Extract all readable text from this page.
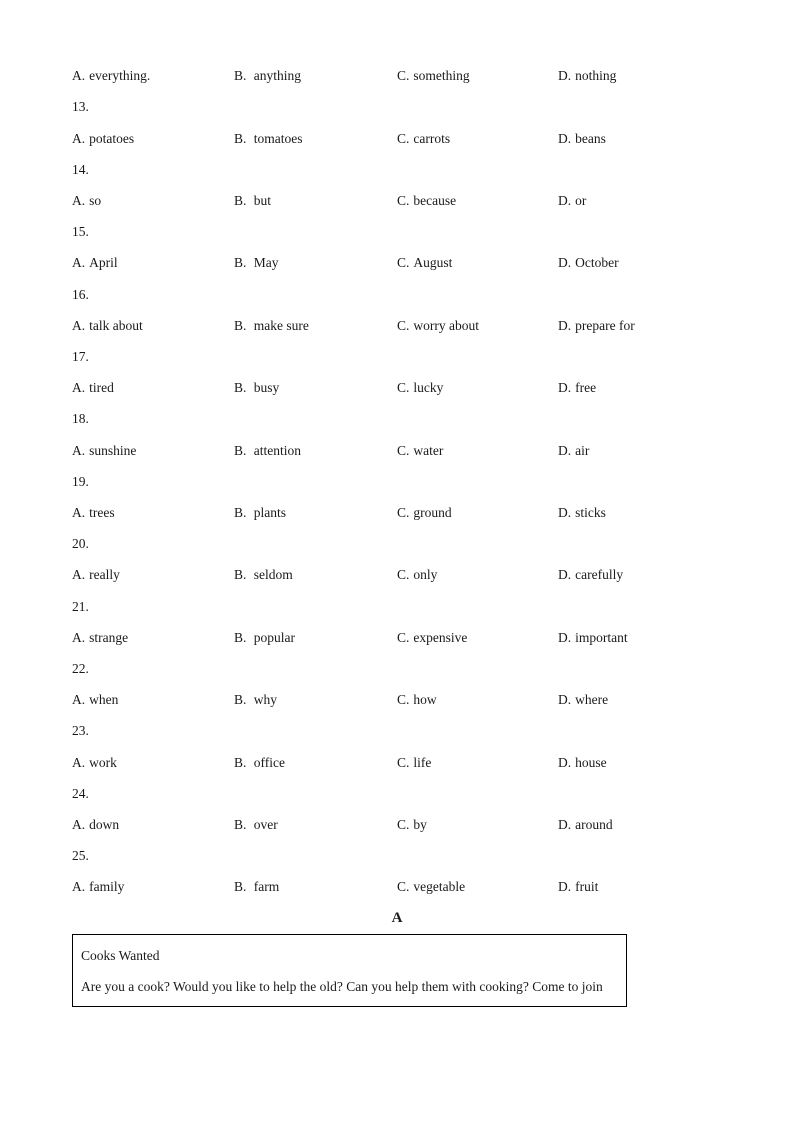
A. everything.	B. anything	C. something	D. nothing
13.
A. potatoes	B. tomatoes	C. carrots	D. beans
14.
A. so	B. but	C. because	D. or
15.
A. April	B. May	C. August	D. October
16.
A. talk about	B. make sure	C. worry about	D. prepare for
17.
A. tired	B. busy	C. lucky	D. free
18.
A. sunshine	B. attention	C. water	D. air
19.
A. trees	B. plants	C. ground	D. sticks
20.
A. really	B. seldom	C. only	D. carefully
21.
A. strange	B. popular	C. expensive	D. important
22.
A. when	B. why	C. how	D. where
23.
A. work	B. office	C. life	D. house
24.
A. down	B. over	C. by	D. around
25.
A. family	B. farm	C. vegetable	D. fruit
A
Cooks Wanted
Are you a cook? Would you like to help the old? Can you help them with cooking? Come to join
